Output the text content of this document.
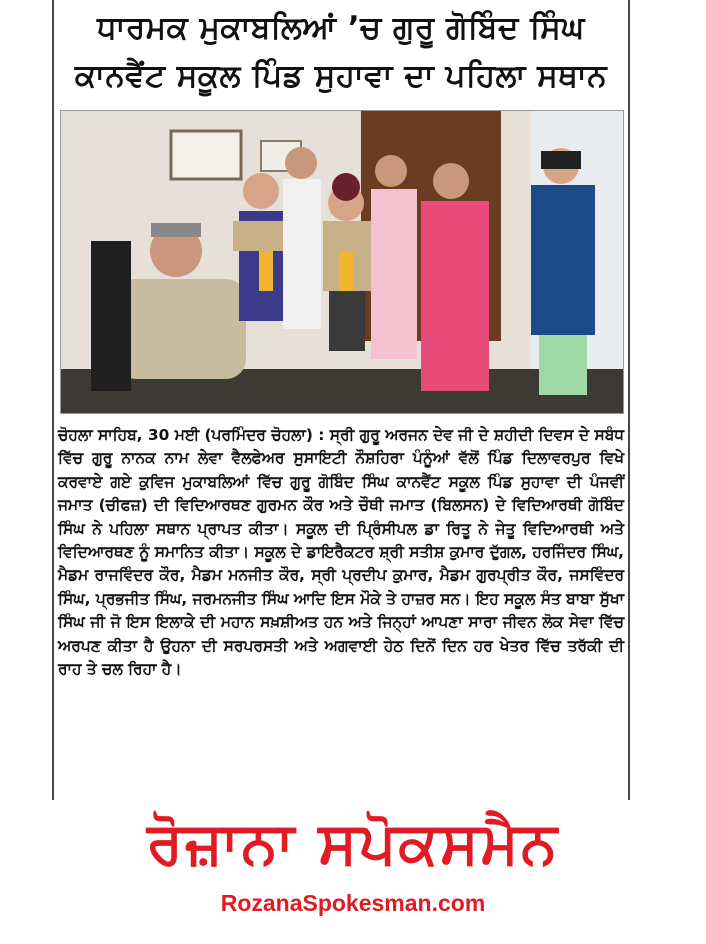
ਧਾਰਮਕ ਮੁਕਾਬਲਿਆਂ ’ਚ ਗੁਰੂ ਗੋਬਿੰਦ ਸਿੰਘ
ਕਾਨਵੈਂਟ ਸਕੂਲ ਪਿੰਡ ਸੁਹਾਵਾ ਦਾ ਪਹਿਲਾ ਸਥਾਨ
ਚੋਹਲਾ ਸਾਹਿਬ, 30 ਮਈ (ਪਰਮਿੰਦਰ ਚੋਹਲਾ) : ਸ੍ਰੀ ਗੁਰੂ ਅਰਜਨ ਦੇਵ ਜੀ ਦੇ ਸ਼ਹੀਦੀ ਦਿਵਸ ਦੇ ਸਬੰਧ ਵਿੱਚ ਗੁਰੂ ਨਾਨਕ ਨਾਮ ਲੇਵਾ ਵੈਲਫੇਅਰ ਸੁਸਾਇਟੀ ਨੌਸ਼ਹਿਰਾ ਪੰਨੂੰਆਂ ਵੱਲੋਂ ਪਿੰਡ ਦਿਲਾਵਰਪੁਰ ਵਿਖੇ ਕਰਵਾਏ ਗਏ ਕੁਵਿਜ ਮੁਕਾਬਲਿਆਂ ਵਿੱਚ ਗੁਰੂ ਗੋਬਿੰਦ ਸਿੰਘ ਕਾਨਵੈਂਟ ਸਕੂਲ ਪਿੰਡ ਸੁਹਾਵਾ ਦੀ ਪੰਜਵੀਂ ਜਮਾਤ (ਚੀਫਜ਼) ਦੀ ਵਿਦਿਆਰਥਣ ਗੁਰਮਨ ਕੌਰ ਅਤੇ ਚੌਥੀ ਜਮਾਤ (ਬਿਲਸਨ) ਦੇ ਵਿਦਿਆਰਥੀ ਗੋਬਿੰਦ ਸਿੰਘ ਨੇ ਪਹਿਲਾ ਸਥਾਨ ਪ੍ਰਾਪਤ ਕੀਤਾ। ਸਕੂਲ ਦੀ ਪ੍ਰਿੰਸੀਪਲ ਡਾ ਰਿਤੂ ਨੇ ਜੇਤੂ ਵਿਦਿਆਰਥੀ ਅਤੇ ਵਿਦਿਆਰਥਣ ਨੂੰ ਸਮਾਨਿਤ ਕੀਤਾ। ਸਕੂਲ ਦੇ ਡਾਇਰੈਕਟਰ ਸ਼੍ਰੀ ਸਤੀਸ਼ ਕੁਮਾਰ ਦੁੱਗਲ, ਹਰਜਿੰਦਰ ਸਿੰਘ, ਮੈਡਮ ਰਾਜਵਿੰਦਰ ਕੌਰ, ਮੈਡਮ ਮਨਜੀਤ ਕੌਰ, ਸ੍ਰੀ ਪ੍ਰਦੀਪ ਕੁਮਾਰ, ਮੈਡਮ ਗੁਰਪ੍ਰੀਤ ਕੌਰ, ਜਸਵਿੰਦਰ ਸਿੰਘ, ਪ੍ਰਭਜੀਤ ਸਿੰਘ, ਜਰਮਨਜੀਤ ਸਿੰਘ ਆਦਿ ਇਸ ਮੌਕੇ ਤੇ ਹਾਜ਼ਰ ਸਨ। ਇਹ ਸਕੂਲ ਸੰਤ ਬਾਬਾ ਸੁੱਖਾ ਸਿੰਘ ਜੀ ਜੋ ਇਸ ਇਲਾਕੇ ਦੀ ਮਹਾਨ ਸਖ਼ਸ਼ੀਅਤ ਹਨ ਅਤੇ ਜਿਨ੍ਹਾਂ ਆਪਣਾ ਸਾਰਾ ਜੀਵਨ ਲੋਕ ਸੇਵਾ ਵਿੱਚ ਅਰਪਣ ਕੀਤਾ ਹੈ ਉਹਨਾ ਦੀ ਸਰਪਰਸਤੀ ਅਤੇ ਅਗਵਾਈ ਹੇਠ ਦਿਨੋਂ ਦਿਨ ਹਰ ਖੇਤਰ ਵਿੱਚ ਤਰੱਕੀ ਦੀ ਰਾਹ ਤੇ ਚਲ ਰਿਹਾ ਹੈ।
ਰੋਜ਼ਾਨਾ ਸਪੋਕਸਮੈਨ
RozanaSpokesman.com
